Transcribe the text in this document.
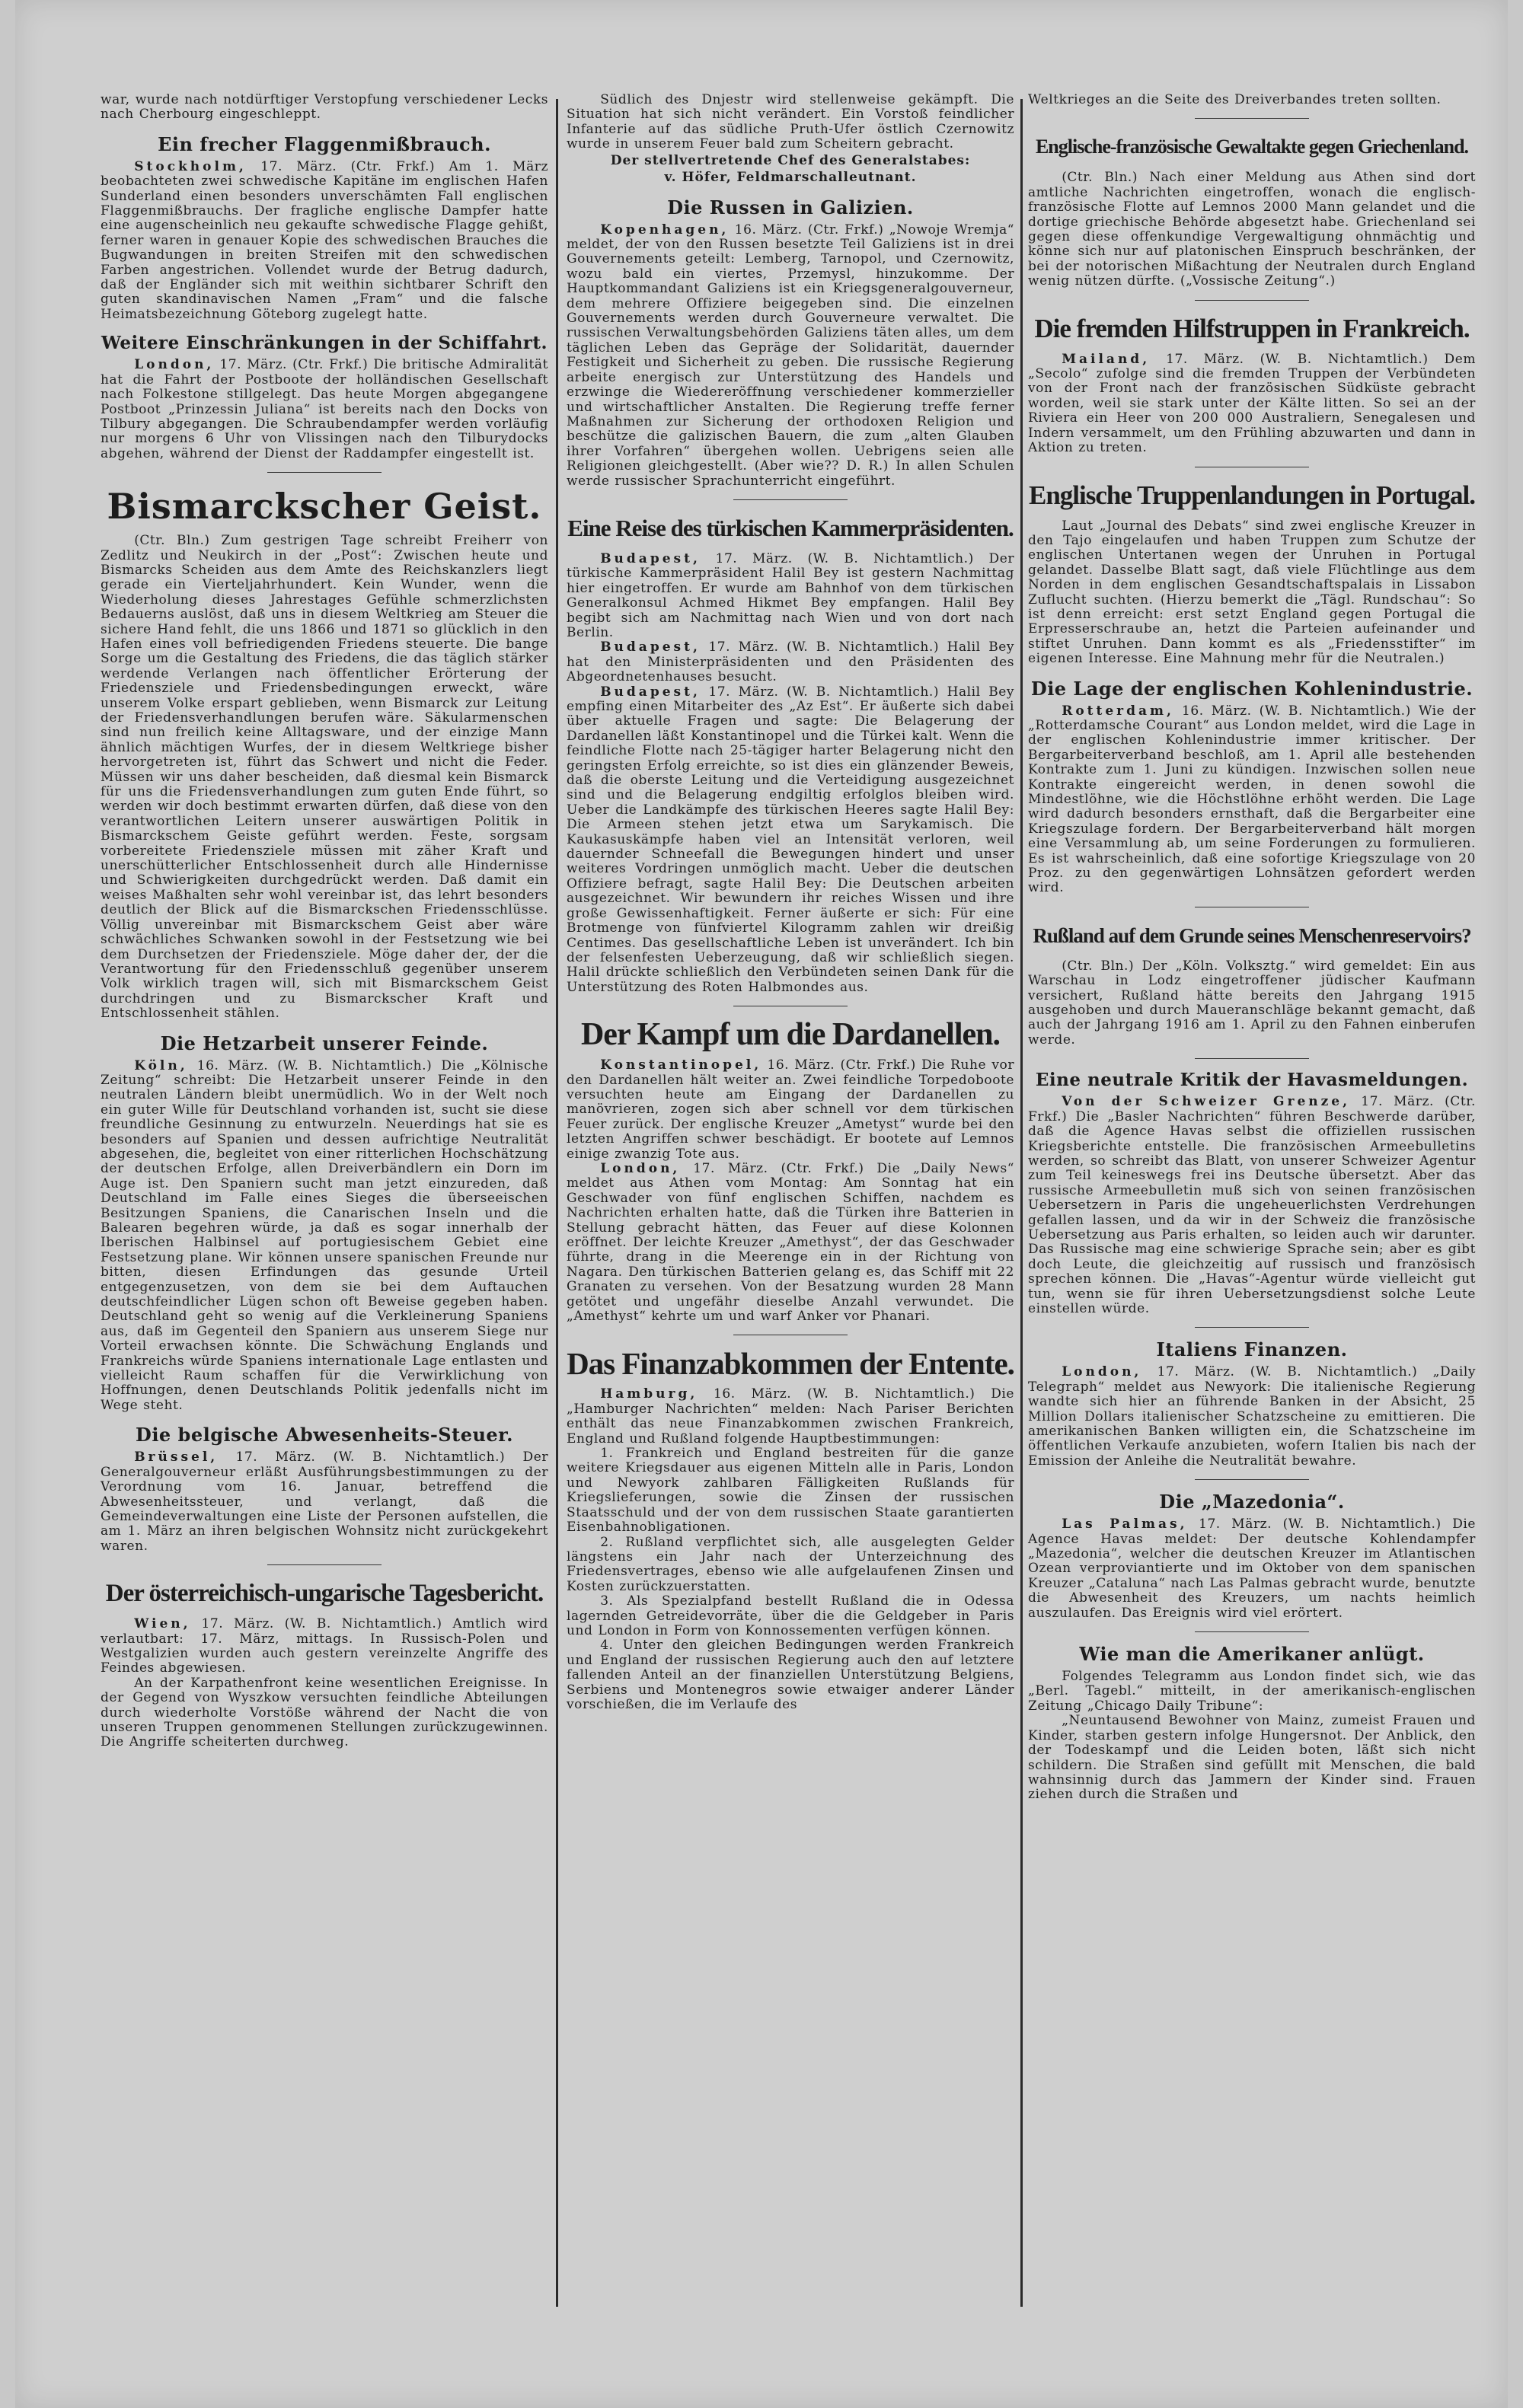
war, wurde nach notdürftiger Verstopfung verschiedener Lecks nach Cherbourg eingeschleppt.

Ein frecher Flaggenmißbrauch.

Stockholm, 17. März. (Ctr. Frkf.) Am 1. März beobachteten zwei schwedische Kapitäne im englischen Hafen Sunderland einen besonders unverschämten Fall englischen Flaggenmißbrauchs. Der fragliche englische Dampfer hatte eine augenscheinlich neu gekaufte schwedische Flagge gehißt, ferner waren in genauer Kopie des schwedischen Brauches die Bugwandungen in breiten Streifen mit den schwedischen Farben angestrichen. Vollendet wurde der Betrug dadurch, daß der Engländer sich mit weithin sichtbarer Schrift den guten skandinavischen Namen „Fram“ und die falsche Heimatsbezeichnung Göteborg zugelegt hatte.

Weitere Einschränkungen in der Schiffahrt.

London, 17. März. (Ctr. Frkf.) Die britische Admiralität hat die Fahrt der Postboote der holländischen Gesellschaft nach Folkestone stillgelegt. Das heute Morgen abgegangene Postboot „Prinzessin Juliana“ ist bereits nach den Docks von Tilbury abgegangen. Die Schraubendampfer werden vorläufig nur morgens 6 Uhr von Vlissingen nach den Tilburydocks abgehen, während der Dienst der Raddampfer eingestellt ist.

Bismarckscher Geist.

(Ctr. Bln.) Zum gestrigen Tage schreibt Freiherr von Zedlitz und Neukirch in der „Post“: Zwischen heute und Bismarcks Scheiden aus dem Amte des Reichskanzlers liegt gerade ein Vierteljahrhundert. Kein Wunder, wenn die Wiederholung dieses Jahrestages Gefühle schmerzlichsten Bedauerns auslöst, daß uns in diesem Weltkrieg am Steuer die sichere Hand fehlt, die uns 1866 und 1871 so glücklich in den Hafen eines voll befriedigenden Friedens steuerte. Die bange Sorge um die Gestaltung des Friedens, die das täglich stärker werdende Verlangen nach öffentlicher Erörterung der Friedensziele und Friedensbedingungen erweckt, wäre unserem Volke erspart geblieben, wenn Bismarck zur Leitung der Friedensverhandlungen berufen wäre. Säkularmenschen sind nun freilich keine Alltagsware, und der einzige Mann ähnlich mächtigen Wurfes, der in diesem Weltkriege bisher hervorgetreten ist, führt das Schwert und nicht die Feder. Müssen wir uns daher bescheiden, daß diesmal kein Bismarck für uns die Friedensverhandlungen zum guten Ende führt, so werden wir doch bestimmt erwarten dürfen, daß diese von den verantwortlichen Leitern unserer auswärtigen Politik in Bismarckschem Geiste geführt werden. Feste, sorgsam vorbereitete Friedensziele müssen mit zäher Kraft und unerschütterlicher Entschlossenheit durch alle Hindernisse und Schwierigkeiten durchgedrückt werden. Daß damit ein weises Maßhalten sehr wohl vereinbar ist, das lehrt besonders deutlich der Blick auf die Bismarckschen Friedensschlüsse. Völlig unvereinbar mit Bismarckschem Geist aber wäre schwächliches Schwanken sowohl in der Festsetzung wie bei dem Durchsetzen der Friedensziele. Möge daher der, der die Verantwortung für den Friedensschluß gegenüber unserem Volk wirklich tragen will, sich mit Bismarckschem Geist durchdringen und zu Bismarckscher Kraft und Entschlossenheit stählen.

Die Hetzarbeit unserer Feinde.

Köln, 16. März. (W. B. Nichtamtlich.) Die „Kölnische Zeitung“ schreibt: Die Hetzarbeit unserer Feinde in den neutralen Ländern bleibt unermüdlich. Wo in der Welt noch ein guter Wille für Deutschland vorhanden ist, sucht sie diese freundliche Gesinnung zu entwurzeln. Neuerdings hat sie es besonders auf Spanien und dessen aufrichtige Neutralität abgesehen, die, begleitet von einer ritterlichen Hochschätzung der deutschen Erfolge, allen Dreiverbändlern ein Dorn im Auge ist. Den Spaniern sucht man jetzt einzureden, daß Deutschland im Falle eines Sieges die überseeischen Besitzungen Spaniens, die Canarischen Inseln und die Balearen begehren würde, ja daß es sogar innerhalb der Iberischen Halbinsel auf portugiesischem Gebiet eine Festsetzung plane. Wir können unsere spanischen Freunde nur bitten, diesen Erfindungen das gesunde Urteil entgegenzusetzen, von dem sie bei dem Auftauchen deutschfeindlicher Lügen schon oft Beweise gegeben haben. Deutschland geht so wenig auf die Verkleinerung Spaniens aus, daß im Gegenteil den Spaniern aus unserem Siege nur Vorteil erwachsen könnte. Die Schwächung Englands und Frankreichs würde Spaniens internationale Lage entlasten und vielleicht Raum schaffen für die Verwirklichung von Hoffnungen, denen Deutschlands Politik jedenfalls nicht im Wege steht.

Die belgische Abwesenheits-Steuer.

Brüssel, 17. März. (W. B. Nichtamtlich.) Der Generalgouverneur erläßt Ausführungsbestimmungen zu der Verordnung vom 16. Januar, betreffend die Abwesenheitssteuer, und verlangt, daß die Gemeindeverwaltungen eine Liste der Personen aufstellen, die am 1. März an ihren belgischen Wohnsitz nicht zurückgekehrt waren.

Der österreichisch-ungarische Tagesbericht.

Wien, 17. März. (W. B. Nichtamtlich.) Amtlich wird verlautbart: 17. März, mittags. In Russisch-Polen und Westgalizien wurden auch gestern vereinzelte Angriffe des Feindes abgewiesen.

An der Karpathenfront keine wesentlichen Ereignisse. In der Gegend von Wyszkow versuchten feindliche Abteilungen durch wiederholte Vorstöße während der Nacht die von unseren Truppen genommenen Stellungen zurückzugewinnen. Die Angriffe scheiterten durchweg.

Südlich des Dnjestr wird stellenweise gekämpft. Die Situation hat sich nicht verändert. Ein Vorstoß feindlicher Infanterie auf das südliche Pruth-Ufer östlich Czernowitz wurde in unserem Feuer bald zum Scheitern gebracht.

Der stellvertretende Chef des Generalstabes:
v. Höfer, Feldmarschalleutnant.
Die Russen in Galizien.

Kopenhagen, 16. März. (Ctr. Frkf.) „Nowoje Wremja“ meldet, der von den Russen besetzte Teil Galiziens ist in drei Gouvernements geteilt: Lemberg, Tarnopol, und Czernowitz, wozu bald ein viertes, Przemysl, hinzukomme. Der Hauptkommandant Galiziens ist ein Kriegsgeneralgouverneur, dem mehrere Offiziere beigegeben sind. Die einzelnen Gouvernements werden durch Gouverneure verwaltet. Die russischen Verwaltungsbehörden Galiziens täten alles, um dem täglichen Leben das Gepräge der Solidarität, dauernder Festigkeit und Sicherheit zu geben. Die russische Regierung arbeite energisch zur Unterstützung des Handels und erzwinge die Wiedereröffnung verschiedener kommerzieller und wirtschaftlicher Anstalten. Die Regierung treffe ferner Maßnahmen zur Sicherung der orthodoxen Religion und beschütze die galizischen Bauern, die zum „alten Glauben ihrer Vorfahren“ übergehen wollen. Uebrigens seien alle Religionen gleichgestellt. (Aber wie?? D. R.) In allen Schulen werde russischer Sprachunterricht eingeführt.

Eine Reise des türkischen Kammerpräsidenten.

Budapest, 17. März. (W. B. Nichtamtlich.) Der türkische Kammerpräsident Halil Bey ist gestern Nachmittag hier eingetroffen. Er wurde am Bahnhof von dem türkischen Generalkonsul Achmed Hikmet Bey empfangen. Halil Bey begibt sich am Nachmittag nach Wien und von dort nach Berlin.

Budapest, 17. März. (W. B. Nichtamtlich.) Halil Bey hat den Ministerpräsidenten und den Präsidenten des Abgeordnetenhauses besucht.

Budapest, 17. März. (W. B. Nichtamtlich.) Halil Bey empfing einen Mitarbeiter des „Az Est“. Er äußerte sich dabei über aktuelle Fragen und sagte: Die Belagerung der Dardanellen läßt Konstantinopel und die Türkei kalt. Wenn die feindliche Flotte nach 25-tägiger harter Belagerung nicht den geringsten Erfolg erreichte, so ist dies ein glänzender Beweis, daß die oberste Leitung und die Verteidigung ausgezeichnet sind und die Belagerung endgiltig erfolglos bleiben wird. Ueber die Landkämpfe des türkischen Heeres sagte Halil Bey: Die Armeen stehen jetzt etwa um Sarykamisch. Die Kaukasuskämpfe haben viel an Intensität verloren, weil dauernder Schneefall die Bewegungen hindert und unser weiteres Vordringen unmöglich macht. Ueber die deutschen Offiziere befragt, sagte Halil Bey: Die Deutschen arbeiten ausgezeichnet. Wir bewundern ihr reiches Wissen und ihre große Gewissenhaftigkeit. Ferner äußerte er sich: Für eine Brotmenge von fünfviertel Kilogramm zahlen wir dreißig Centimes. Das gesellschaftliche Leben ist unverändert. Ich bin der felsenfesten Ueberzeugung, daß wir schließlich siegen. Halil drückte schließlich den Verbündeten seinen Dank für die Unterstützung des Roten Halbmondes aus.

Der Kampf um die Dardanellen.

Konstantinopel, 16. März. (Ctr. Frkf.) Die Ruhe vor den Dardanellen hält weiter an. Zwei feindliche Torpedoboote versuchten heute am Eingang der Dardanellen zu manövrieren, zogen sich aber schnell vor dem türkischen Feuer zurück. Der englische Kreuzer „Ametyst“ wurde bei den letzten Angriffen schwer beschädigt. Er bootete auf Lemnos einige zwanzig Tote aus.

London, 17. März. (Ctr. Frkf.) Die „Daily News“ meldet aus Athen vom Montag: Am Sonntag hat ein Geschwader von fünf englischen Schiffen, nachdem es Nachrichten erhalten hatte, daß die Türken ihre Batterien in Stellung gebracht hätten, das Feuer auf diese Kolonnen eröffnet. Der leichte Kreuzer „Amethyst“, der das Geschwader führte, drang in die Meerenge ein in der Richtung von Nagara. Den türkischen Batterien gelang es, das Schiff mit 22 Granaten zu versehen. Von der Besatzung wurden 28 Mann getötet und ungefähr dieselbe Anzahl verwundet. Die „Amethyst“ kehrte um und warf Anker vor Phanari.

Das Finanzabkommen der Entente.

Hamburg, 16. März. (W. B. Nichtamtlich.) Die „Hamburger Nachrichten“ melden: Nach Pariser Berichten enthält das neue Finanzabkommen zwischen Frankreich, England und Rußland folgende Hauptbestimmungen:

1. Frankreich und England bestreiten für die ganze weitere Kriegsdauer aus eigenen Mitteln alle in Paris, London und Newyork zahlbaren Fälligkeiten Rußlands für Kriegslieferungen, sowie die Zinsen der russischen Staatsschuld und der von dem russischen Staate garantierten Eisenbahnobligationen.

2. Rußland verpflichtet sich, alle ausgelegten Gelder längstens ein Jahr nach der Unterzeichnung des Friedensvertrages, ebenso wie alle aufgelaufenen Zinsen und Kosten zurückzuerstatten.

3. Als Spezialpfand bestellt Rußland die in Odessa lagernden Getreidevorräte, über die die Geldgeber in Paris und London in Form von Konnossementen verfügen können.

4. Unter den gleichen Bedingungen werden Frankreich und England der russischen Regierung auch den auf letztere fallenden Anteil an der finanziellen Unterstützung Belgiens, Serbiens und Montenegros sowie etwaiger anderer Länder vorschießen, die im Verlaufe des

Weltkrieges an die Seite des Dreiverbandes treten sollten.

Englische-französische Gewaltakte gegen Griechenland.

(Ctr. Bln.) Nach einer Meldung aus Athen sind dort amtliche Nachrichten eingetroffen, wonach die englisch-französische Flotte auf Lemnos 2000 Mann gelandet und die dortige griechische Behörde abgesetzt habe. Griechenland sei gegen diese offenkundige Vergewaltigung ohnmächtig und könne sich nur auf platonischen Einspruch beschränken, der bei der notorischen Mißachtung der Neutralen durch England wenig nützen dürfte. („Vossische Zeitung“.)

Die fremden Hilfstruppen in Frankreich.

Mailand, 17. März. (W. B. Nichtamtlich.) Dem „Secolo“ zufolge sind die fremden Truppen der Verbündeten von der Front nach der französischen Südküste gebracht worden, weil sie stark unter der Kälte litten. So sei an der Riviera ein Heer von 200 000 Australiern, Senegalesen und Indern versammelt, um den Frühling abzuwarten und dann in Aktion zu treten.

Englische Truppenlandungen in Portugal.

Laut „Journal des Debats“ sind zwei englische Kreuzer in den Tajo eingelaufen und haben Truppen zum Schutze der englischen Untertanen wegen der Unruhen in Portugal gelandet. Dasselbe Blatt sagt, daß viele Flüchtlinge aus dem Norden in dem englischen Gesandtschaftspalais in Lissabon Zuflucht suchten. (Hierzu bemerkt die „Tägl. Rundschau“: So ist denn erreicht: erst setzt England gegen Portugal die Erpresserschraube an, hetzt die Parteien aufeinander und stiftet Unruhen. Dann kommt es als „Friedensstifter“ im eigenen Interesse. Eine Mahnung mehr für die Neutralen.)

Die Lage der englischen Kohlenindustrie.

Rotterdam, 16. März. (W. B. Nichtamtlich.) Wie der „Rotterdamsche Courant“ aus London meldet, wird die Lage in der englischen Kohlenindustrie immer kritischer. Der Bergarbeiterverband beschloß, am 1. April alle bestehenden Kontrakte zum 1. Juni zu kündigen. Inzwischen sollen neue Kontrakte eingereicht werden, in denen sowohl die Mindestlöhne, wie die Höchstlöhne erhöht werden. Die Lage wird dadurch besonders ernsthaft, daß die Bergarbeiter eine Kriegszulage fordern. Der Bergarbeiterverband hält morgen eine Versammlung ab, um seine Forderungen zu formulieren. Es ist wahrscheinlich, daß eine sofortige Kriegszulage von 20 Proz. zu den gegenwärtigen Lohnsätzen gefordert werden wird.

Rußland auf dem Grunde seines Menschenreservoirs?

(Ctr. Bln.) Der „Köln. Volksztg.“ wird gemeldet: Ein aus Warschau in Lodz eingetroffener jüdischer Kaufmann versichert, Rußland hätte bereits den Jahrgang 1915 ausgehoben und durch Maueranschläge bekannt gemacht, daß auch der Jahrgang 1916 am 1. April zu den Fahnen einberufen werde.

Eine neutrale Kritik der Havasmeldungen.

Von der Schweizer Grenze, 17. März. (Ctr. Frkf.) Die „Basler Nachrichten“ führen Beschwerde darüber, daß die Agence Havas selbst die offiziellen russischen Kriegsberichte entstelle. Die französischen Armeebulletins werden, so schreibt das Blatt, von unserer Schweizer Agentur zum Teil keineswegs frei ins Deutsche übersetzt. Aber das russische Armeebulletin muß sich von seinen französischen Uebersetzern in Paris die ungeheuerlichsten Verdrehungen gefallen lassen, und da wir in der Schweiz die französische Uebersetzung aus Paris erhalten, so leiden auch wir darunter. Das Russische mag eine schwierige Sprache sein; aber es gibt doch Leute, die gleichzeitig auf russisch und französisch sprechen können. Die „Havas“-Agentur würde vielleicht gut tun, wenn sie für ihren Uebersetzungsdienst solche Leute einstellen würde.

Italiens Finanzen.

London, 17. März. (W. B. Nichtamtlich.) „Daily Telegraph“ meldet aus Newyork: Die italienische Regierung wandte sich hier an führende Banken in der Absicht, 25 Million Dollars italienischer Schatzscheine zu emittieren. Die amerikanischen Banken willigten ein, die Schatzscheine im öffentlichen Verkaufe anzubieten, wofern Italien bis nach der Emission der Anleihe die Neutralität bewahre.

Die „Mazedonia“.

Las Palmas, 17. März. (W. B. Nichtamtlich.) Die Agence Havas meldet: Der deutsche Kohlendampfer „Mazedonia“, welcher die deutschen Kreuzer im Atlantischen Ozean verproviantierte und im Oktober von dem spanischen Kreuzer „Cataluna“ nach Las Palmas gebracht wurde, benutzte die Abwesenheit des Kreuzers, um nachts heimlich auszulaufen. Das Ereignis wird viel erörtert.

Wie man die Amerikaner anlügt.

Folgendes Telegramm aus London findet sich, wie das „Berl. Tagebl.“ mitteilt, in der amerikanisch-englischen Zeitung „Chicago Daily Tribune“:

„Neuntausend Bewohner von Mainz, zumeist Frauen und Kinder, starben gestern infolge Hungersnot. Der Anblick, den der Todeskampf und die Leiden boten, läßt sich nicht schildern. Die Straßen sind gefüllt mit Menschen, die bald wahnsinnig durch das Jammern der Kinder sind. Frauen ziehen durch die Straßen und
